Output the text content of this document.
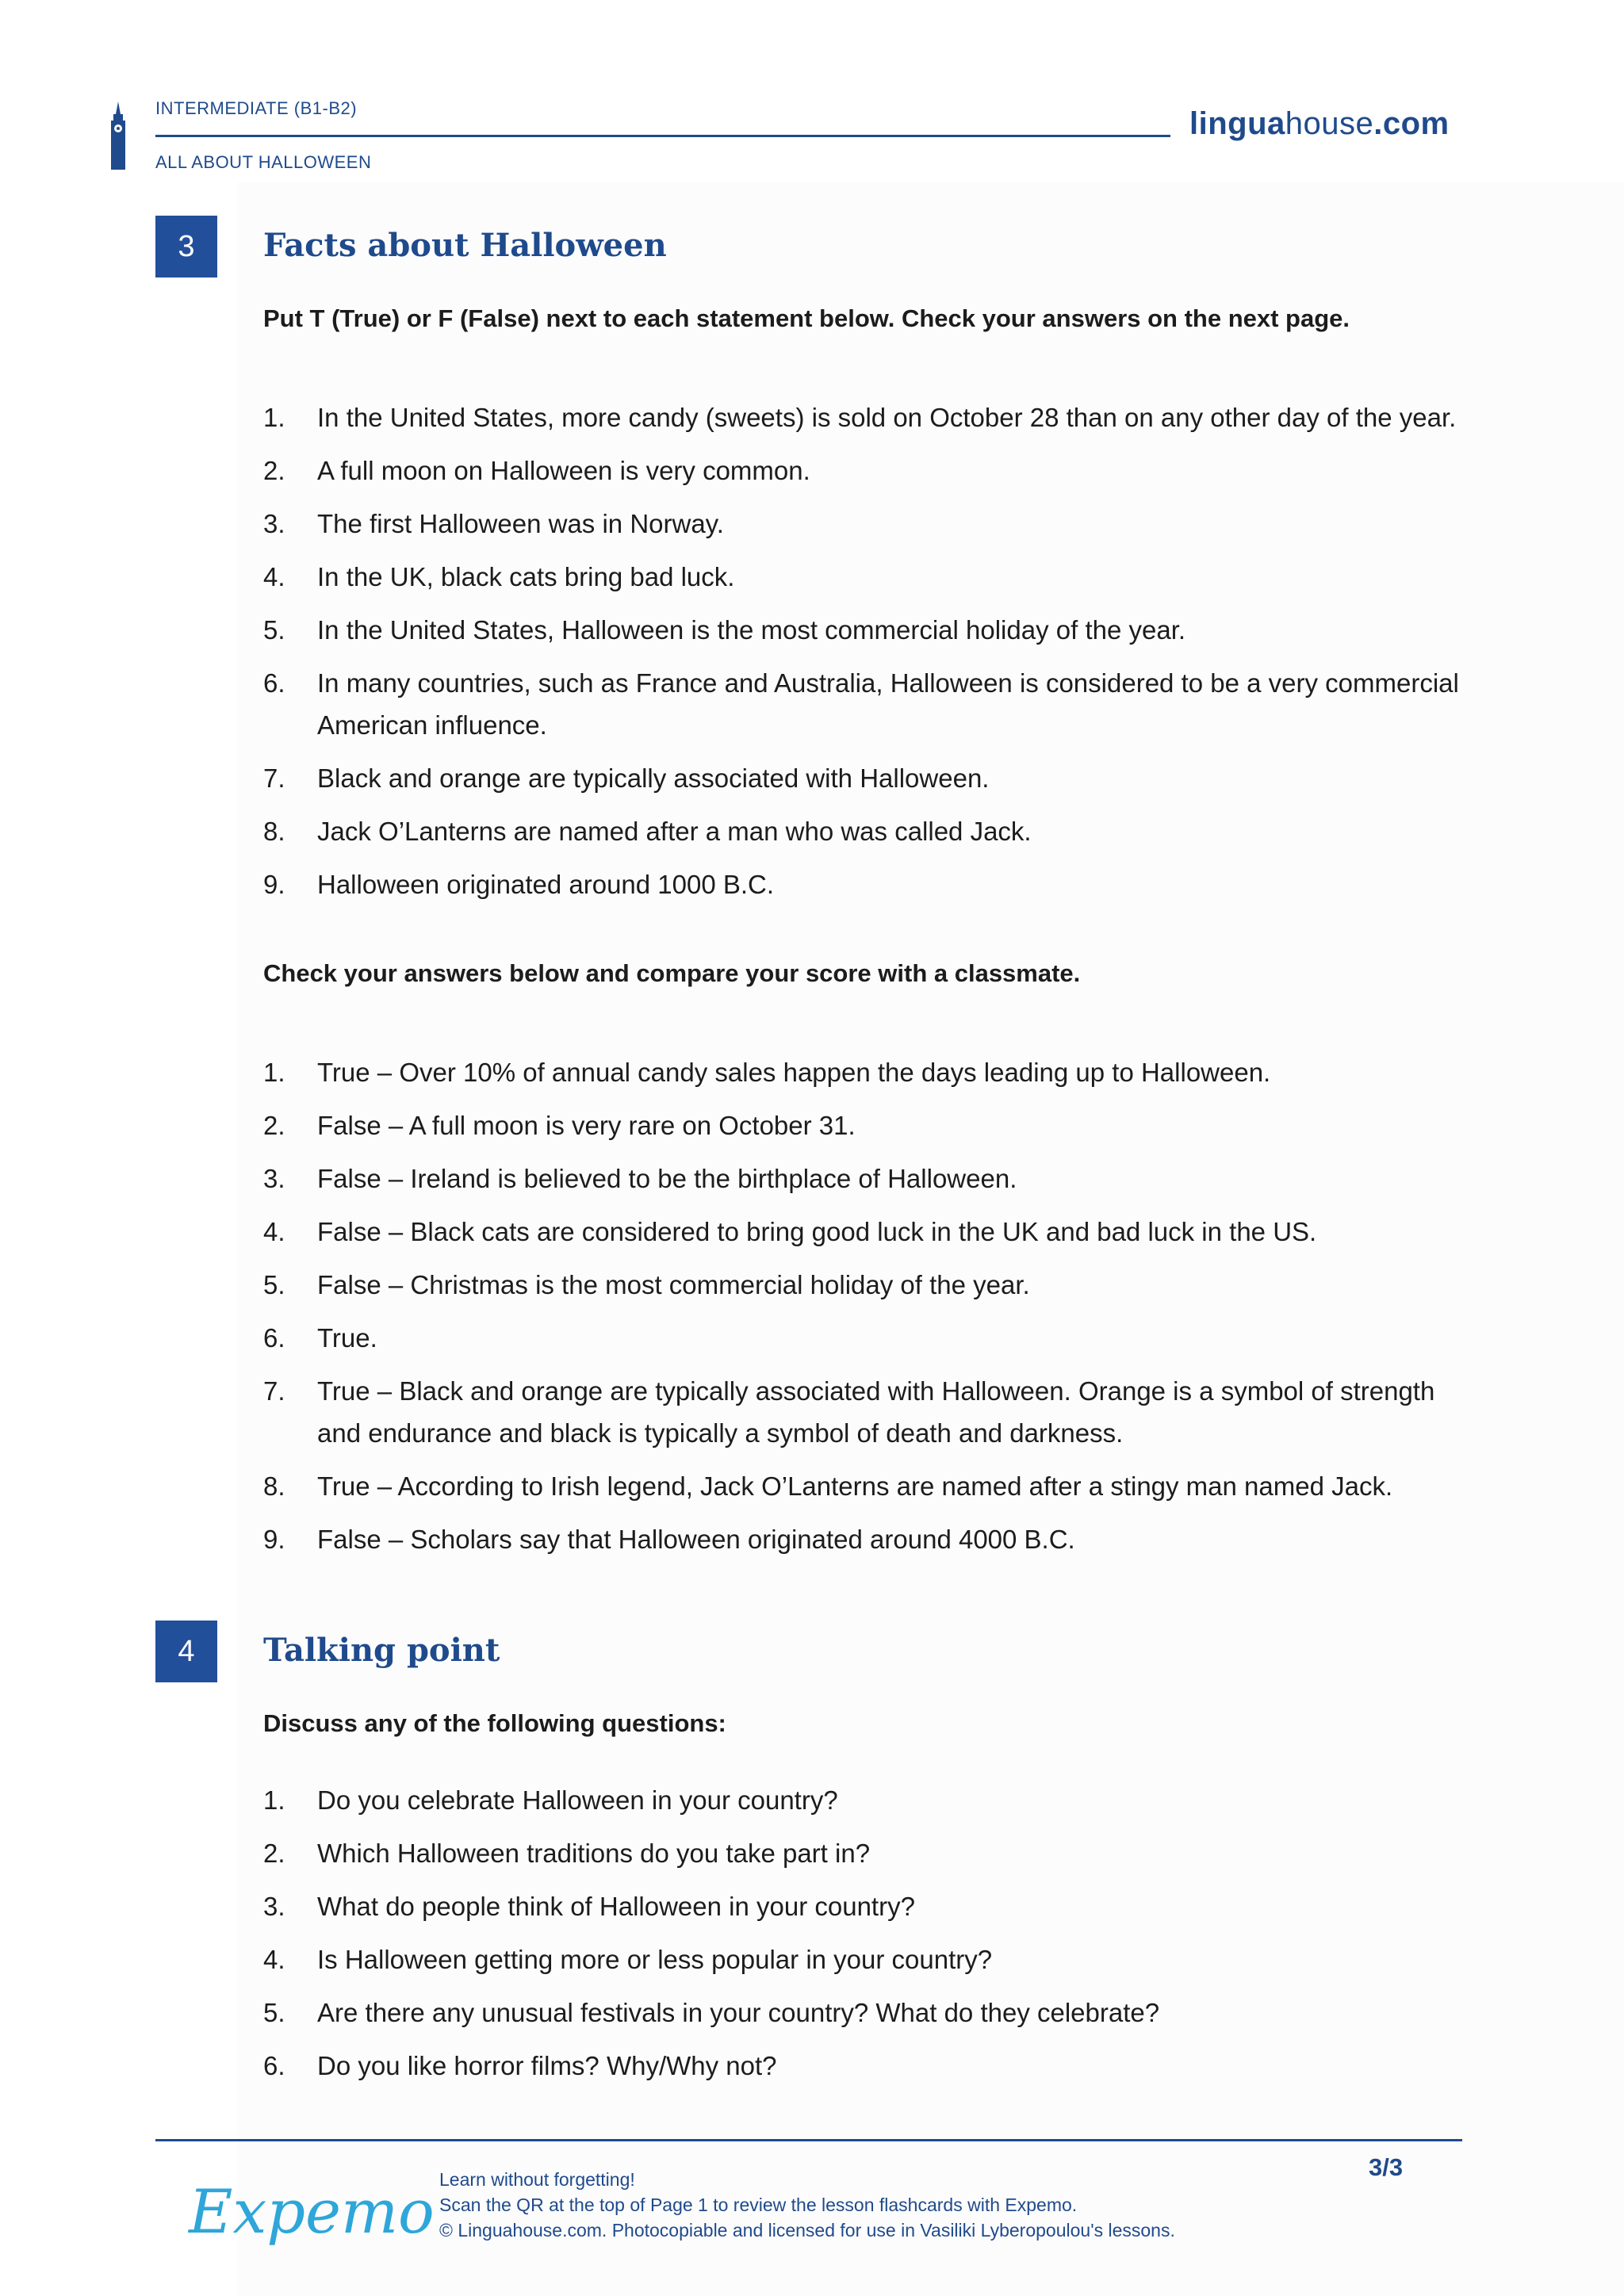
INTERMEDIATE (B1-B2)
ALL ABOUT HALLOWEEN
linguahouse.com
3	Facts about Halloween
Put T (True) or F (False) next to each statement below. Check your answers on the next page.
1. In the United States, more candy (sweets) is sold on October 28 than on any other day of the year.
2. A full moon on Halloween is very common.
3. The first Halloween was in Norway.
4. In the UK, black cats bring bad luck.
5. In the United States, Halloween is the most commercial holiday of the year.
6. In many countries, such as France and Australia, Halloween is considered to be a very commercial American influence.
7. Black and orange are typically associated with Halloween.
8. Jack O’Lanterns are named after a man who was called Jack.
9. Halloween originated around 1000 B.C.
Check your answers below and compare your score with a classmate.
1. True – Over 10% of annual candy sales happen the days leading up to Halloween.
2. False – A full moon is very rare on October 31.
3. False – Ireland is believed to be the birthplace of Halloween.
4. False – Black cats are considered to bring good luck in the UK and bad luck in the US.
5. False – Christmas is the most commercial holiday of the year.
6. True.
7. True – Black and orange are typically associated with Halloween. Orange is a symbol of strength and endurance and black is typically a symbol of death and darkness.
8. True – According to Irish legend, Jack O’Lanterns are named after a stingy man named Jack.
9. False – Scholars say that Halloween originated around 4000 B.C.
4	Talking point
Discuss any of the following questions:
1. Do you celebrate Halloween in your country?
2. Which Halloween traditions do you take part in?
3. What do people think of Halloween in your country?
4. Is Halloween getting more or less popular in your country?
5. Are there any unusual festivals in your country? What do they celebrate?
6. Do you like horror films? Why/Why not?
Expemo Learn without forgetting!
Scan the QR at the top of Page 1 to review the lesson flashcards with Expemo.
© Linguahouse.com. Photocopiable and licensed for use in Vasiliki Lyberopoulou's lessons.
3/3
